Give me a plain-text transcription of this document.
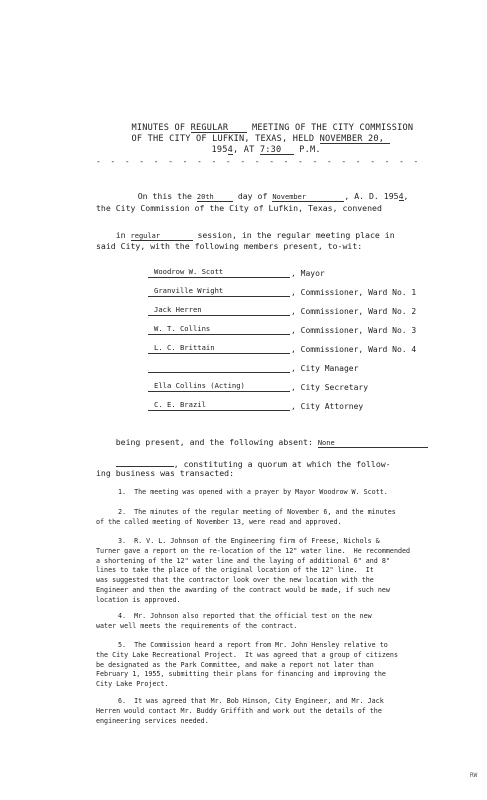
MINUTES OF REGULAR	MEETING OF THE CITY COMMISSION

OF THE CITY OF LUFKIN, TEXAS, HELD NOVEMBER 20,

1954, AT 7:30 P.M.

- - - - - - - - - - - - - - - - - - - - - - -

On this the 20th	day of November	, A. D. 1954,

the City Commission of the City of Lufkin, Texas, convened

in regular	session, in the regular meeting place in

said City, with the following members present, to-wit:
Woodrow W. Scott	, Mayor
Granville Wright	, Commissioner, Ward No. 1
Jack Herren	, Commissioner, Ward No. 2
W. T. Collins	, Commissioner, Ward No. 3
L. C. Brittain	, Commissioner, Ward No. 4
, City Manager
Ella Collins (Acting)	, City Secretary
C. E. Brazil	, City Attorney

being present, and the following absent: None

, constituting a quorum at which the follow-

ing business was transacted:
1.  The meeting was opened with a prayer by Mayor Woodrow W. Scott.
2.  The minutes of the regular meeting of November 6, and the minutes
of the called meeting of November 13, were read and approved.
3.  R. V. L. Johnson of the Engineering firm of Freese, Nichols &
Turner gave a report on the re-location of the 12" water line.  He recommended
a shortening of the 12" water line and the laying of additional 6" and 8"
lines to take the place of the original location of the 12" line.  It
was suggested that the contractor look over the new location with the
Engineer and then the awarding of the contract would be made, if such new
location is approved.
4.  Mr. Johnson also reported that the official test on the new
water well meets the requirements of the contract.
5.  The Commission heard a report from Mr. John Hensley relative to
the City Lake Recreational Project.  It was agreed that a group of citizens
be designated as the Park Committee, and make a report not later than
February 1, 1955, submitting their plans for financing and improving the
City Lake Project.
6.  It was agreed that Mr. Bob Hinson, City Engineer, and Mr. Jack
Herren would contact Mr. Buddy Griffith and work out the details of the
engineering services needed.
RW
